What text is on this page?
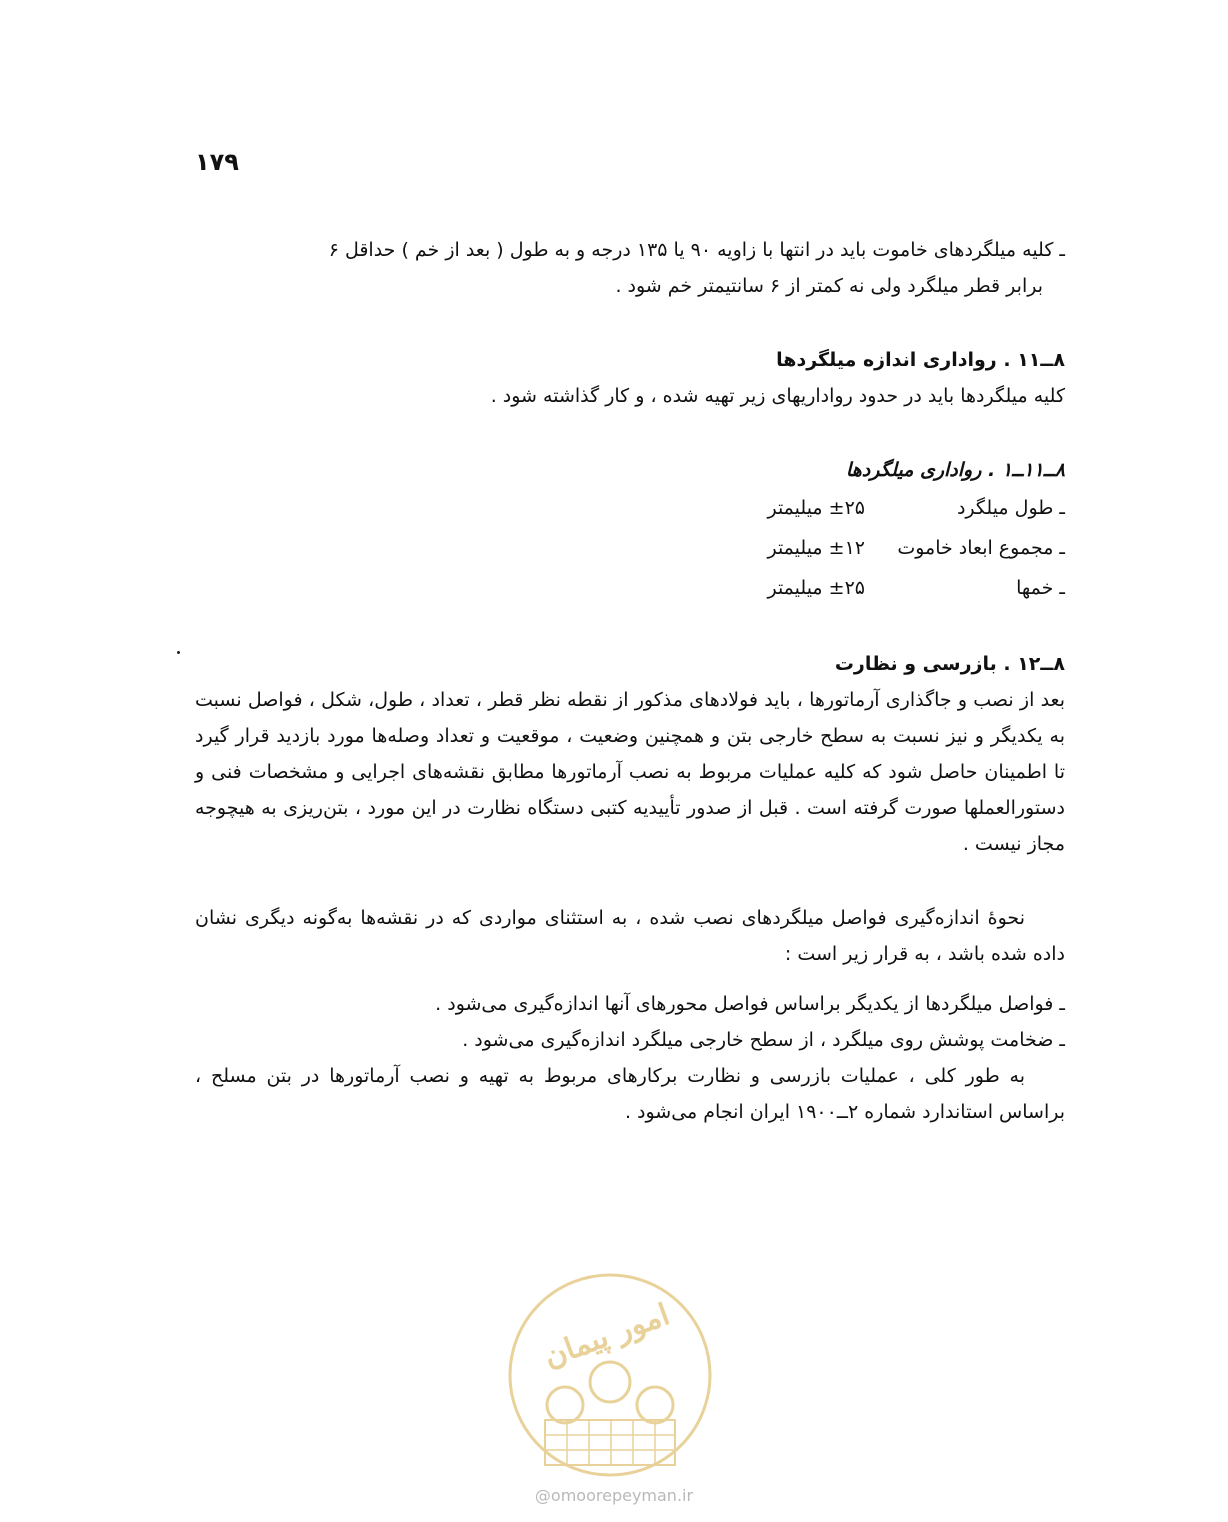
۱۷۹

ـ کلیه میلگردهای خاموت باید در انتها با زاویه ۹۰ یا ۱۳۵ درجه و به طول ( بعد از خم ) حداقل ۶

برابر قطر میلگرد ولی نه کمتر از ۶ سانتیمتر خم شود .

۸ــ۱۱ . رواداری اندازه میلگردها

کلیه میلگردها باید در حدود رواداریهای زیر تهیه شده ، و کار گذاشته شود .

۸ــ۱۱ــ۱ . رواداری میلگردها

ـ طول میلگرد
±۲۵ میلیمتر
ـ مجموع ابعاد خاموت
±۱۲ میلیمتر
ـ خمها
±۲۵ میلیمتر

۸ــ۱۲ . بازرسی و نظارت

بعد از نصب و جاگذاری آرماتورها ، باید فولادهای مذکور از نقطه نظر قطر ، تعداد ، طول، شکل ، فواصل نسبت به یکدیگر و نیز نسبت به سطح خارجی بتن و همچنین وضعیت ، موقعیت و تعداد وصله‌ها مورد بازدید قرار گیرد تا اطمینان حاصل شود که کلیه عملیات مربوط به نصب آرماتورها مطابق نقشه‌های اجرایی و مشخصات فنی و دستورالعملها صورت گرفته است . قبل از صدور تأییدیه کتبی دستگاه نظارت در این مورد ، بتن‌ریزی به هیچوجه مجاز نیست .

نحوه‌ٔ اندازه‌گیری فواصل میلگردهای نصب شده ، به استثنای مواردی که در نقشه‌ها به‌گونه دیگری نشان داده شده باشد ، به قرار زیر است :

ـ فواصل میلگردها از یکدیگر براساس فواصل محورهای آنها اندازه‌گیری می‌شود .

ـ ضخامت پوشش روی میلگرد ، از سطح خارجی میلگرد اندازه‌گیری می‌شود .

به طور کلی ، عملیات بازرسی و نظارت برکارهای مربوط به تهیه و نصب آرماتورها در بتن مسلح ، براساس استاندارد شماره ۲ــ۱۹۰۰ ایران انجام می‌شود .

امور پیمان
@omoorepeyman.ir
